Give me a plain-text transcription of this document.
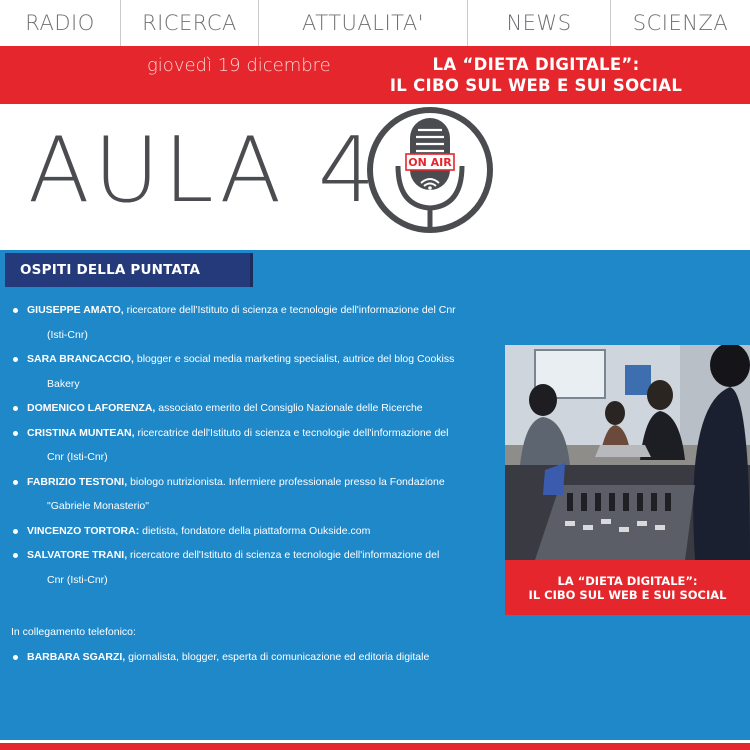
RADIO	RICERCA	ATTUALITA'	NEWS	SCIENZA
giovedì 19 dicembre	LA “DIETA DIGITALE”:
IL CIBO SUL WEB E SUI SOCIAL
AULA 4	ON AIR
OSPITI DELLA PUNTATA
GIUSEPPE AMATO, ricercatore dell'Istituto di scienza e tecnologie dell'informazione del Cnr
(Isti-Cnr)
SARA BRANCACCIO, blogger e social media marketing specialist, autrice del blog Cookiss
Bakery
DOMENICO LAFORENZA, associato emerito del Consiglio Nazionale delle Ricerche
CRISTINA MUNTEAN, ricercatrice dell'Istituto di scienza e tecnologie dell'informazione del
Cnr (Isti-Cnr)
FABRIZIO TESTONI, biologo nutrizionista. Infermiere professionale presso la Fondazione
"Gabriele Monasterio"
VINCENZO TORTORA: dietista, fondatore della piattaforma Oukside.com
SALVATORE TRANI, ricercatore dell'Istituto di scienza e tecnologie dell'informazione del
Cnr (Isti-Cnr)
In collegamento telefonico:
BARBARA SGARZI, giornalista, blogger, esperta di comunicazione ed editoria digitale
LA “DIETA DIGITALE”:
IL CIBO SUL WEB E SUI SOCIAL
